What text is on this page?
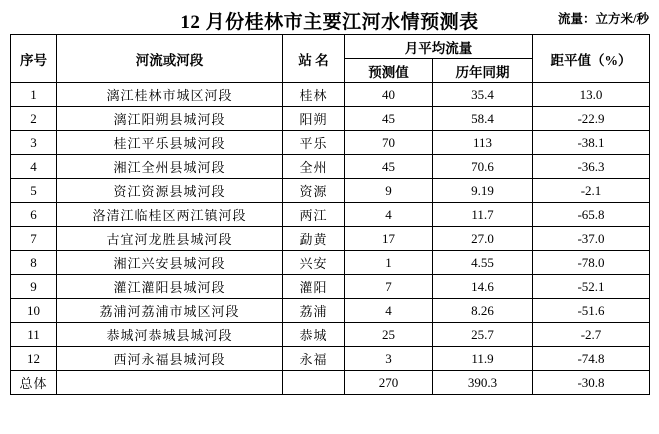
12 月份桂林市主要江河水情预测表	流量：立方米/秒
序号	河流或河段	站 名	月平均流量		距平值（%）
			预测值	历年同期	
1	漓江桂林市城区河段	桂林	40	35.4	13.0
2	漓江阳朔县城河段	阳朔	45	58.4	-22.9
3	桂江平乐县城河段	平乐	70	113	-38.1
4	湘江全州县城河段	全州	45	70.6	-36.3
5	资江资源县城河段	资源	9	9.19	-2.1
6	洛清江临桂区两江镇河段	两江	4	11.7	-65.8
7	古宜河龙胜县城河段	勐黄	17	27.0	-37.0
8	湘江兴安县城河段	兴安	1	4.55	-78.0
9	灌江灌阳县城河段	灌阳	7	14.6	-52.1
10	荔浦河荔浦市城区河段	荔浦	4	8.26	-51.6
11	恭城河恭城县城河段	恭城	25	25.7	-2.7
12	西河永福县城河段	永福	3	11.9	-74.8
总体			270	390.3	-30.8
